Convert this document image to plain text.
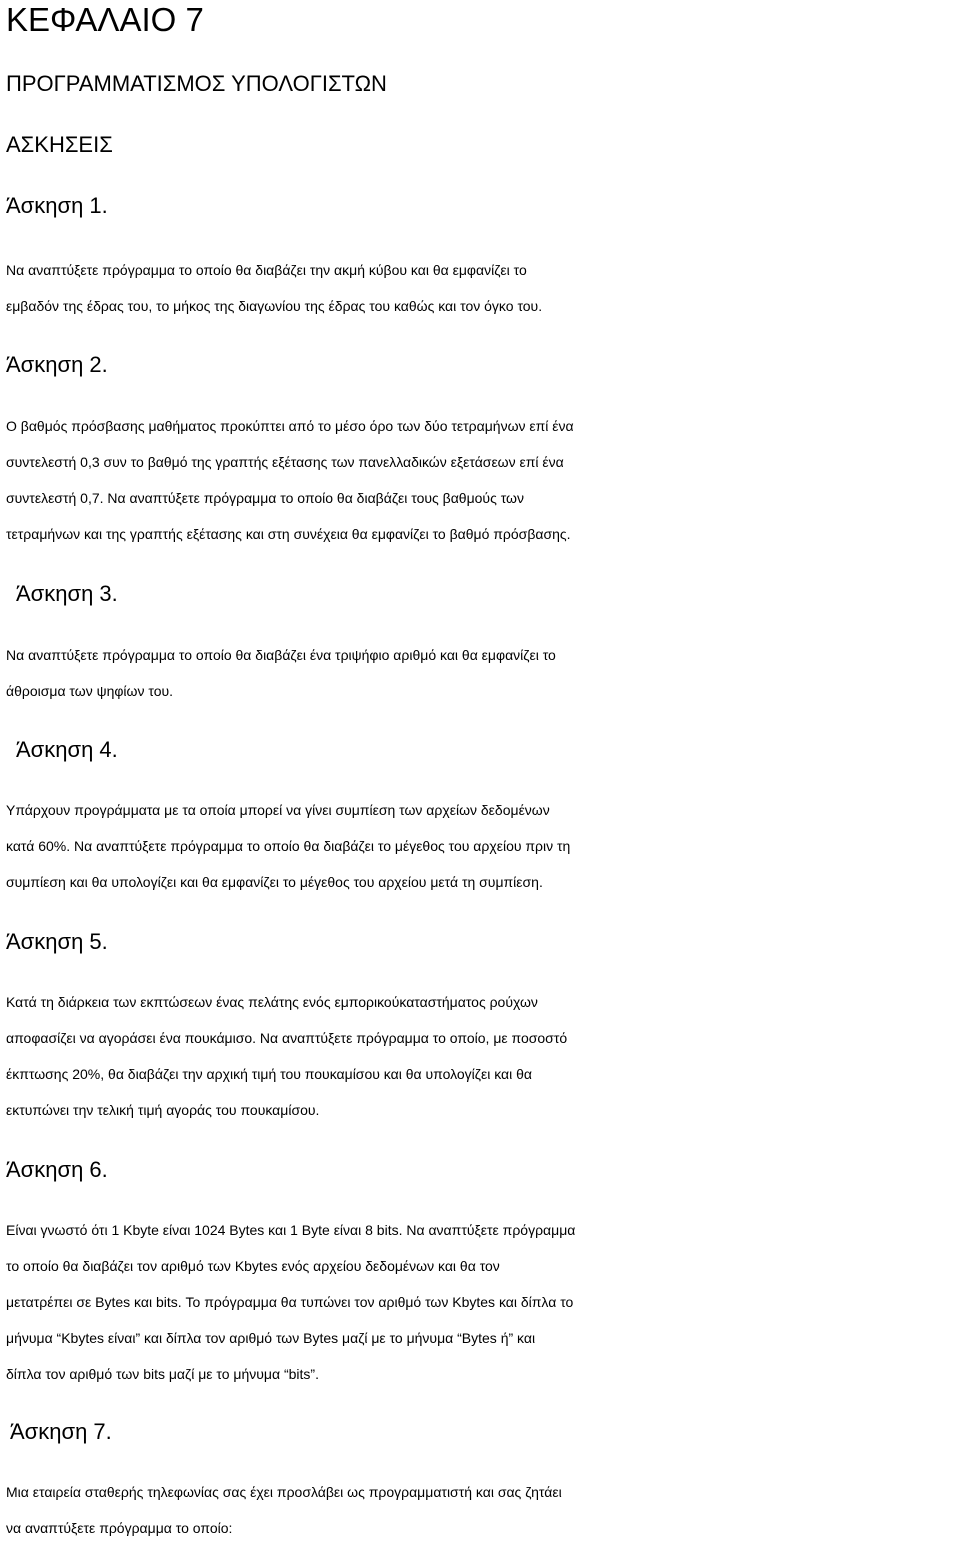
ΚΕΦΑΛΑΙΟ 7
ΠΡΟΓΡΑΜΜΑΤΙΣΜΟΣ ΥΠΟΛΟΓΙΣΤΩΝ
ΑΣΚΗΣΕΙΣ
Άσκηση 1.
Να αναπτύξετε πρόγραμμα το οποίο θα διαβάζει την ακμή κύβου και θα εμφανίζει το
εμβαδόν της έδρας του, το μήκος της διαγωνίου της έδρας του καθώς και τον όγκο του.
Άσκηση 2.
Ο βαθμός πρόσβασης μαθήματος προκύπτει από το μέσο όρο των δύο τετραμήνων επί ένα
συντελεστή 0,3 συν το βαθμό της γραπτής εξέτασης των πανελλαδικών εξετάσεων επί ένα
συντελεστή 0,7. Να αναπτύξετε πρόγραμμα το οποίο θα διαβάζει τους βαθμούς των
τετραμήνων και της γραπτής εξέτασης και στη συνέχεια θα εμφανίζει το βαθμό πρόσβασης.
Άσκηση 3.
Να αναπτύξετε πρόγραμμα το οποίο θα διαβάζει ένα τριψήφιο αριθμό και θα εμφανίζει το
άθροισμα των ψηφίων του.
Άσκηση 4.
Υπάρχουν προγράμματα με τα οποία μπορεί να γίνει συμπίεση των αρχείων δεδομένων
κατά 60%. Να αναπτύξετε πρόγραμμα το οποίο θα διαβάζει το μέγεθος του αρχείου πριν τη
συμπίεση και θα υπολογίζει και θα εμφανίζει το μέγεθος του αρχείου μετά τη συμπίεση.
Άσκηση 5.
Κατά τη διάρκεια των εκπτώσεων ένας πελάτης ενός εμπορικούκαταστήματος ρούχων
αποφασίζει να αγοράσει ένα πουκάμισο. Να αναπτύξετε πρόγραμμα το οποίο, με ποσοστό
έκπτωσης 20%, θα διαβάζει την αρχική τιμή του πουκαμίσου και θα υπολογίζει και θα
εκτυπώνει την τελική τιμή αγοράς του πουκαμίσου.
Άσκηση 6.
Είναι γνωστό ότι 1 Kbyte είναι 1024 Bytes και 1 Byte είναι 8 bits. Να αναπτύξετε πρόγραμμα
το οποίο θα διαβάζει τον αριθμό των Kbytes ενός αρχείου δεδομένων και θα τον
μετατρέπει σε Bytes και bits. Το πρόγραμμα θα τυπώνει τον αριθμό των Kbytes και δίπλα το
μήνυμα “Kbytes είναι” και δίπλα τον αριθμό των Bytes μαζί με το μήνυμα “Bytes ή” και
δίπλα τον αριθμό των bits μαζί με το μήνυμα “bits”.
Άσκηση 7.
Μια εταιρεία σταθερής τηλεφωνίας σας έχει προσλάβει ως προγραμματιστή και σας ζητάει
να αναπτύξετε πρόγραμμα το οποίο:
